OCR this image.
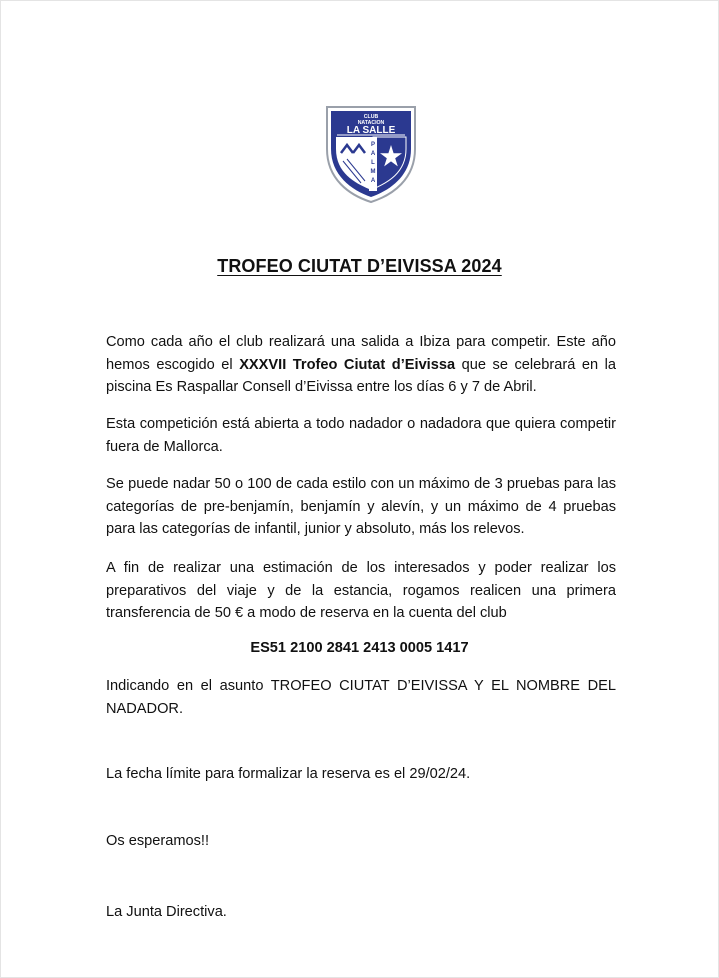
CLUB
NATACION
LA SALLE
P
A
L
M
A
TROFEO CIUTAT D’EIVISSA 2024
Como cada año el club realizará una salida a Ibiza para competir. Este año hemos escogido el XXXVII Trofeo Ciutat d’Eivissa que se celebrará en la piscina Es Raspallar Consell d’Eivissa entre los días 6 y 7 de Abril.
Esta competición está abierta a todo nadador o nadadora que quiera competir fuera de Mallorca.
Se puede nadar 50 o 100 de cada estilo con un máximo de 3 pruebas para las categorías de pre-benjamín, benjamín y alevín, y un máximo de 4 pruebas para las categorías de infantil, junior y absoluto, más los relevos.
A fin de realizar una estimación de los interesados y poder realizar los preparativos del viaje y de la estancia, rogamos realicen una primera transferencia de 50 € a modo de reserva en la cuenta del club
ES51 2100 2841 2413 0005 1417
Indicando en el asunto TROFEO CIUTAT D’EIVISSA Y EL NOMBRE DEL NADADOR.
La fecha límite para formalizar la reserva es el 29/02/24.
Os esperamos!!
La Junta Directiva.
